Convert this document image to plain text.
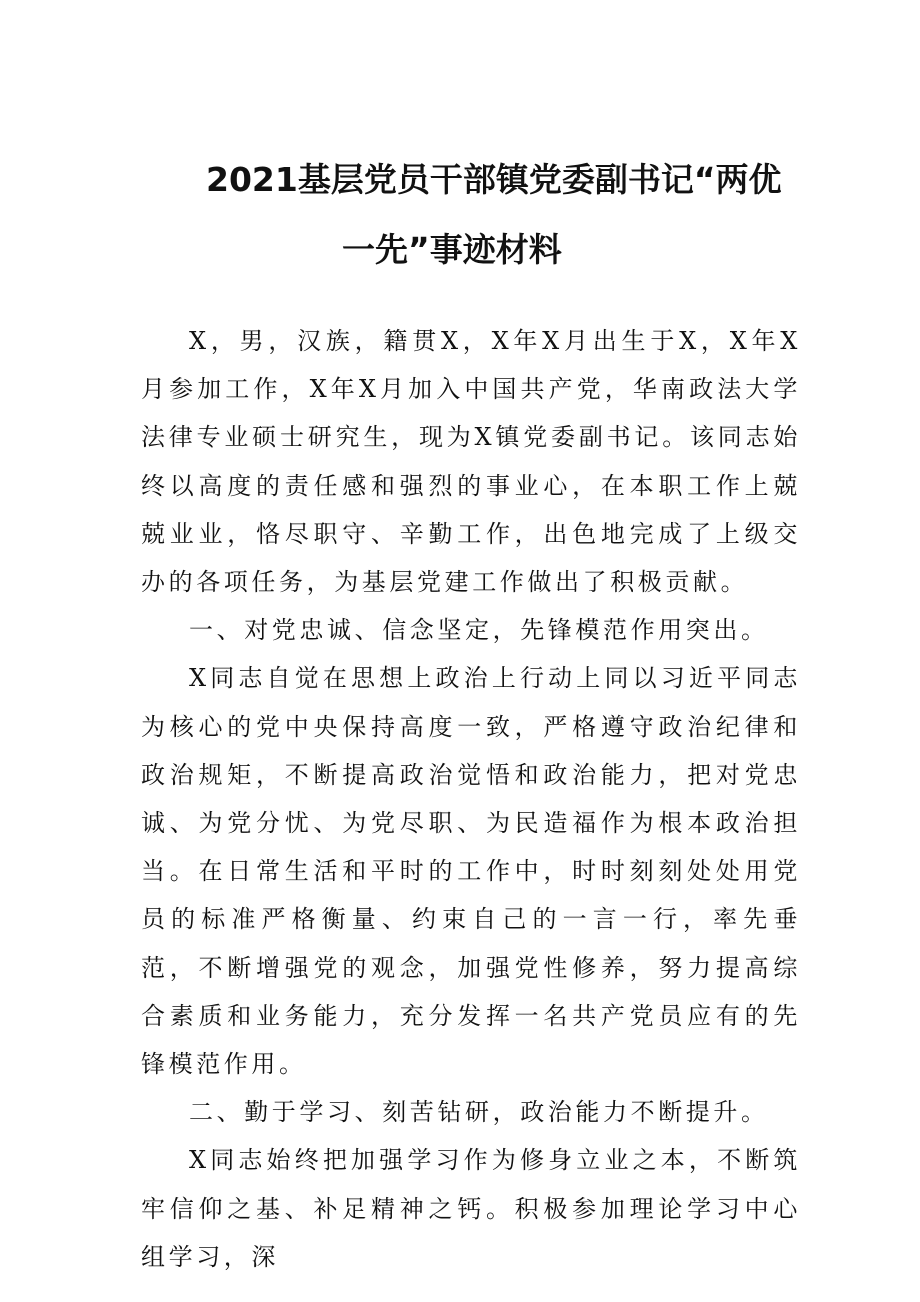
2021基层党员干部镇党委副书记“两优
一先”事迹材料

X，男，汉族，籍贯X，X年X月出生于X，X年X月参加工作，X年X月加入中国共产党，华南政法大学法律专业硕士研究生，现为X镇党委副书记。该同志始终以高度的责任感和强烈的事业心，在本职工作上兢兢业业，恪尽职守、辛勤工作，出色地完成了上级交办的各项任务，为基层党建工作做出了积极贡献。

一、对党忠诚、信念坚定，先锋模范作用突出。

X同志自觉在思想上政治上行动上同以习近平同志为核心的党中央保持高度一致，严格遵守政治纪律和政治规矩，不断提高政治觉悟和政治能力，把对党忠诚、为党分忧、为党尽职、为民造福作为根本政治担当。在日常生活和平时的工作中，时时刻刻处处用党员的标准严格衡量、约束自己的一言一行，率先垂范，不断增强党的观念，加强党性修养，努力提高综合素质和业务能力，充分发挥一名共产党员应有的先锋模范作用。

二、勤于学习、刻苦钻研，政治能力不断提升。

X同志始终把加强学习作为修身立业之本，不断筑牢信仰之基、补足精神之钙。积极参加理论学习中心组学习，深
